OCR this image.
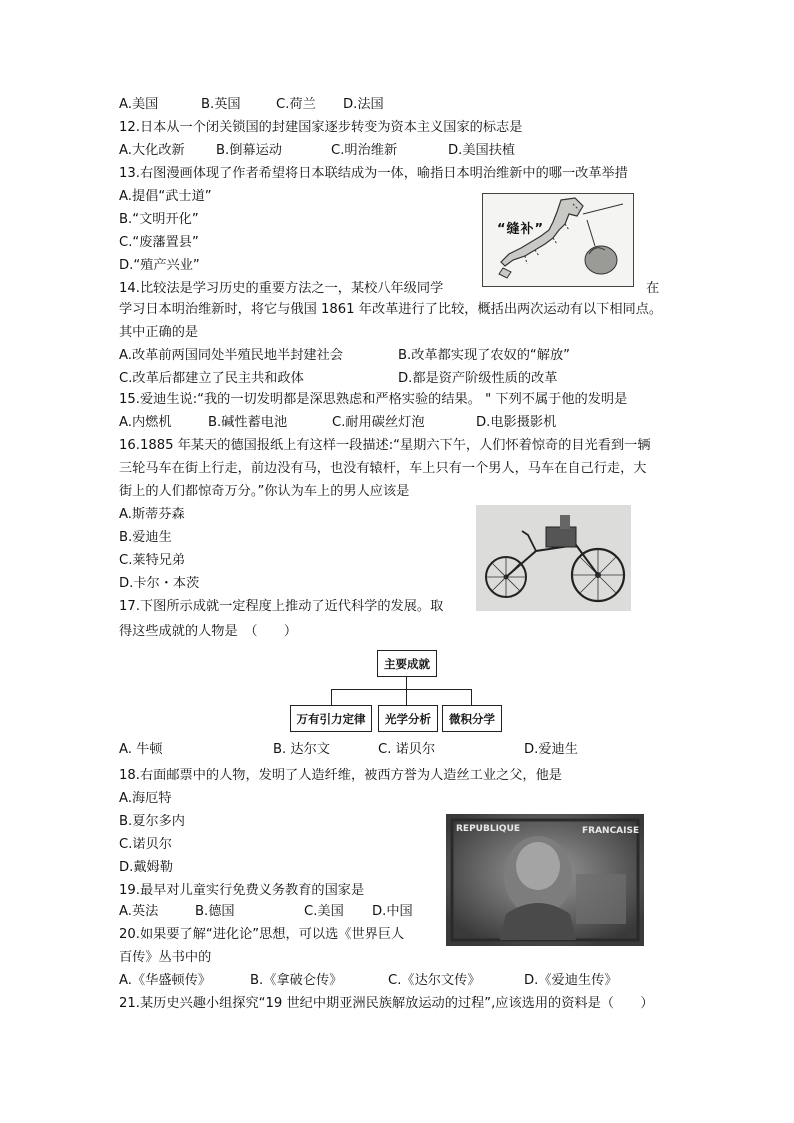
A.美国	B.英国	C.荷兰 D.法国
12.日本从一个闭关锁国的封建国家逐步转变为资本主义国家的标志是
A.大化改新 B.倒幕运动	C.明治维新	D.美国扶植
13.右图漫画体现了作者希望将日本联结成为一体，喻指日本明治维新中的哪一改革举措
A.提倡“武士道”
B.“文明开化”
C.“废藩置县”
D.“殖产兴业”
“缝补”
14.比较法是学习历史的重要方法之一，某校八年级同学	在
学习日本明治维新时，将它与俄国 1861 年改革进行了比较，概括出两次运动有以下相同点。
其中正确的是
A.改革前两国同处半殖民地半封建社会	B.改革都实现了农奴的“解放”
C.改革后都建立了民主共和政体	D.都是资产阶级性质的改革
15.爱迪生说:“我的一切发明都是深思熟虑和严格实验的结果。 " 下列不属于他的发明是
A.内燃机	B.碱性蓄电池	C.耐用碳丝灯泡	D.电影摄影机
16.1885 年某天的德国报纸上有这样一段描述:“星期六下午，人们怀着惊奇的目光看到一辆
三轮马车在街上行走，前边没有马，也没有辕杆，车上只有一个男人，马车在自己行走，大
街上的人们都惊奇万分。”你认为车上的男人应该是
A.斯蒂芬森
B.爱迪生
C.莱特兄弟
D.卡尔・本茨
17.下图所示成就一定程度上推动了近代科学的发展。取
得这些成就的人物是　（　　）
主要成就
万有引力定律	光学分析	微积分学
A. 牛顿	B. 达尔文	C. 诺贝尔	D.爱迪生
18.右面邮票中的人物，发明了人造纤维，被西方誉为人造丝工业之父，他是
A.海厄特
B.夏尔多内
C.诺贝尔
D.戴姆勒
REPUBLIQUE	FRANCAISE
19.最早对儿童实行免费义务教育的国家是
A.英法	B.德国	C.美国 D.中国
20.如果要了解“进化论”思想，可以选《世界巨人
百传》丛书中的
A.《华盛顿传》	B.《拿破仑传》	C.《达尔文传》	D.《爱迪生传》
21.某历史兴趣小组探究“19 世纪中期亚洲民族解放运动的过程”,应该选用的资料是（　　）
